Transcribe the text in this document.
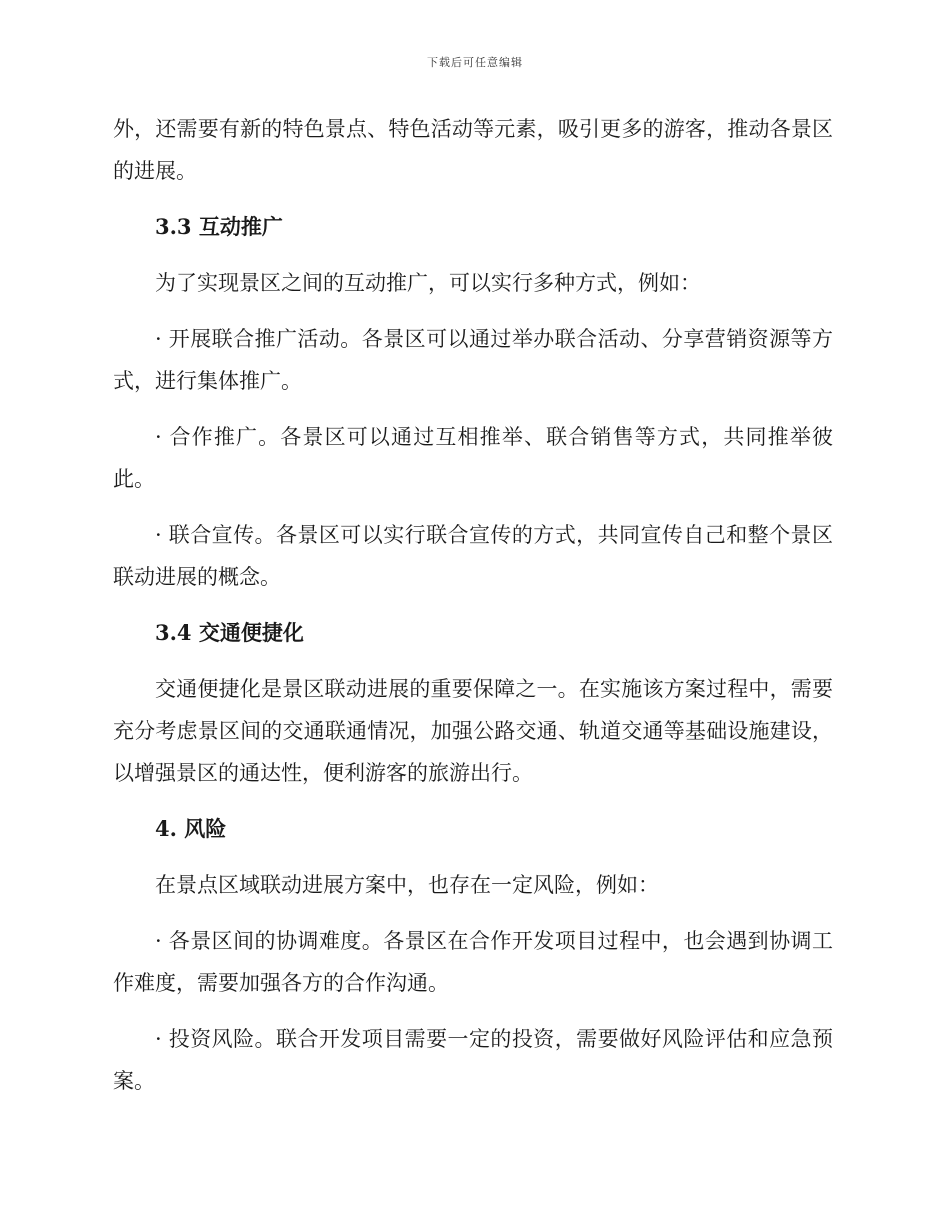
下载后可任意编辑

外，还需要有新的特色景点、特色活动等元素，吸引更多的游客，推动各景区的进展。

3.3 互动推广

为了实现景区之间的互动推广，可以实行多种方式，例如：

· 开展联合推广活动。各景区可以通过举办联合活动、分享营销资源等方式，进行集体推广。

· 合作推广。各景区可以通过互相推举、联合销售等方式，共同推举彼此。

· 联合宣传。各景区可以实行联合宣传的方式，共同宣传自己和整个景区联动进展的概念。

3.4 交通便捷化

交通便捷化是景区联动进展的重要保障之一。在实施该方案过程中，需要充分考虑景区间的交通联通情况，加强公路交通、轨道交通等基础设施建设，以增强景区的通达性，便利游客的旅游出行。

4. 风险

在景点区域联动进展方案中，也存在一定风险，例如：

· 各景区间的协调难度。各景区在合作开发项目过程中，也会遇到协调工作难度，需要加强各方的合作沟通。

· 投资风险。联合开发项目需要一定的投资，需要做好风险评估和应急预案。
